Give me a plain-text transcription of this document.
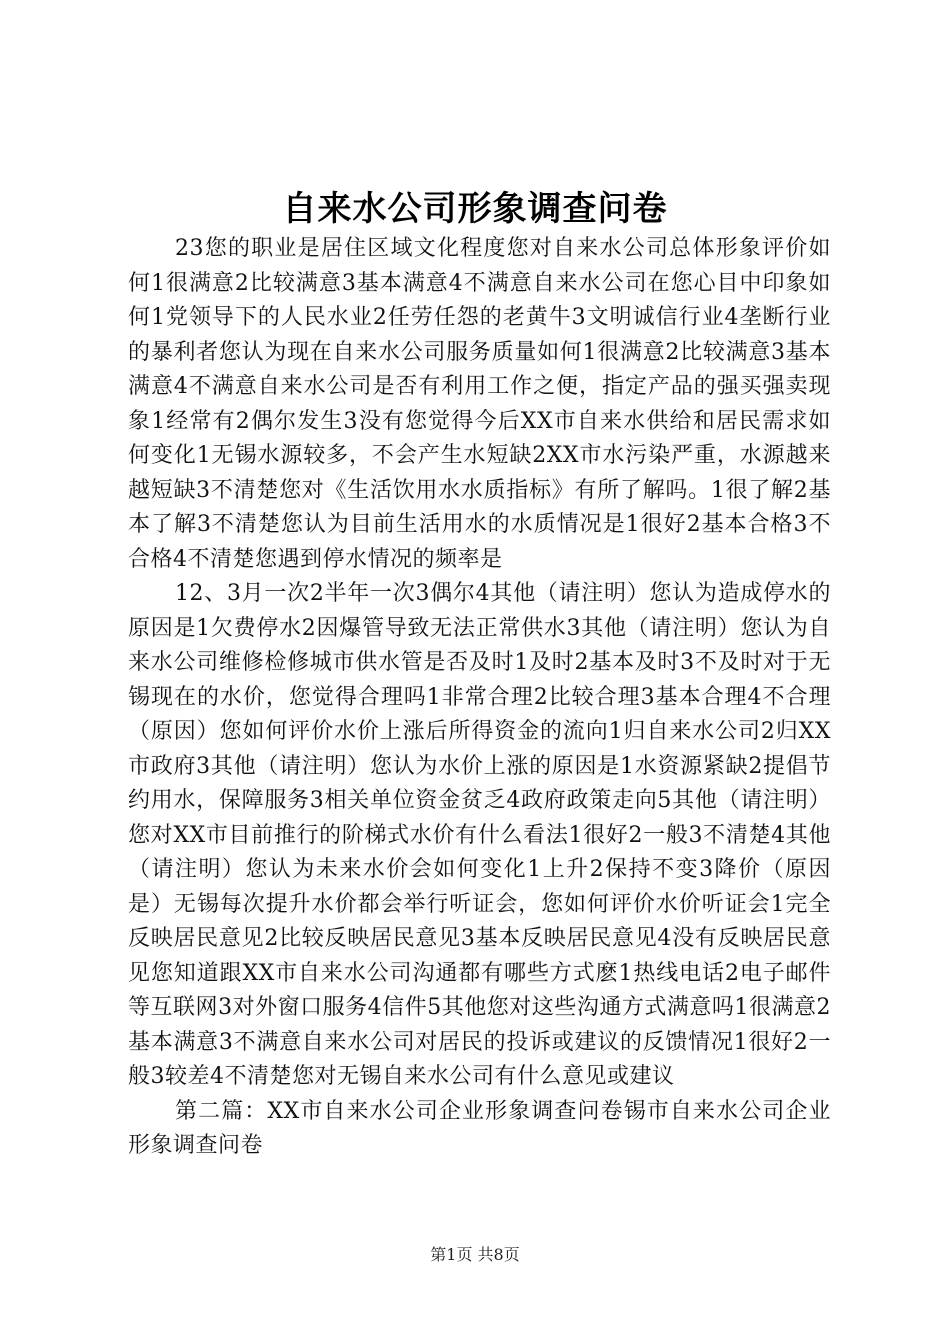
自来水公司形象调查问卷

23您的职业是居住区域文化程度您对自来水公司总体形象评价如何1很满意2比较满意3基本满意4不满意自来水公司在您心目中印象如何1党领导下的人民水业2任劳任怨的老黄牛3文明诚信行业4垄断行业的暴利者您认为现在自来水公司服务质量如何1很满意2比较满意3基本满意4不满意自来水公司是否有利用工作之便，指定产品的强买强卖现象1经常有2偶尔发生3没有您觉得今后XX市自来水供给和居民需求如何变化1无锡水源较多，不会产生水短缺2XX市水污染严重，水源越来越短缺3不清楚您对《生活饮用水水质指标》有所了解吗。1很了解2基本了解3不清楚您认为目前生活用水的水质情况是1很好2基本合格3不合格4不清楚您遇到停水情况的频率是

12、3月一次2半年一次3偶尔4其他（请注明）您认为造成停水的原因是1欠费停水2因爆管导致无法正常供水3其他（请注明）您认为自来水公司维修检修城市供水管是否及时1及时2基本及时3不及时对于无锡现在的水价，您觉得合理吗1非常合理2比较合理3基本合理4不合理（原因）您如何评价水价上涨后所得资金的流向1归自来水公司2归XX市政府3其他（请注明）您认为水价上涨的原因是1水资源紧缺2提倡节约用水，保障服务3相关单位资金贫乏4政府政策走向5其他（请注明）您对XX市目前推行的阶梯式水价有什么看法1很好2一般3不清楚4其他（请注明）您认为未来水价会如何变化1上升2保持不变3降价（原因是）无锡每次提升水价都会举行听证会，您如何评价水价听证会1完全反映居民意见2比较反映居民意见3基本反映居民意见4没有反映居民意见您知道跟XX市自来水公司沟通都有哪些方式麽1热线电话2电子邮件等互联网3对外窗口服务4信件5其他您对这些沟通方式满意吗1很满意2基本满意3不满意自来水公司对居民的投诉或建议的反馈情况1很好2一般3较差4不清楚您对无锡自来水公司有什么意见或建议

第二篇：XX市自来水公司企业形象调查问卷锡市自来水公司企业形象调查问卷

第1页 共8页
